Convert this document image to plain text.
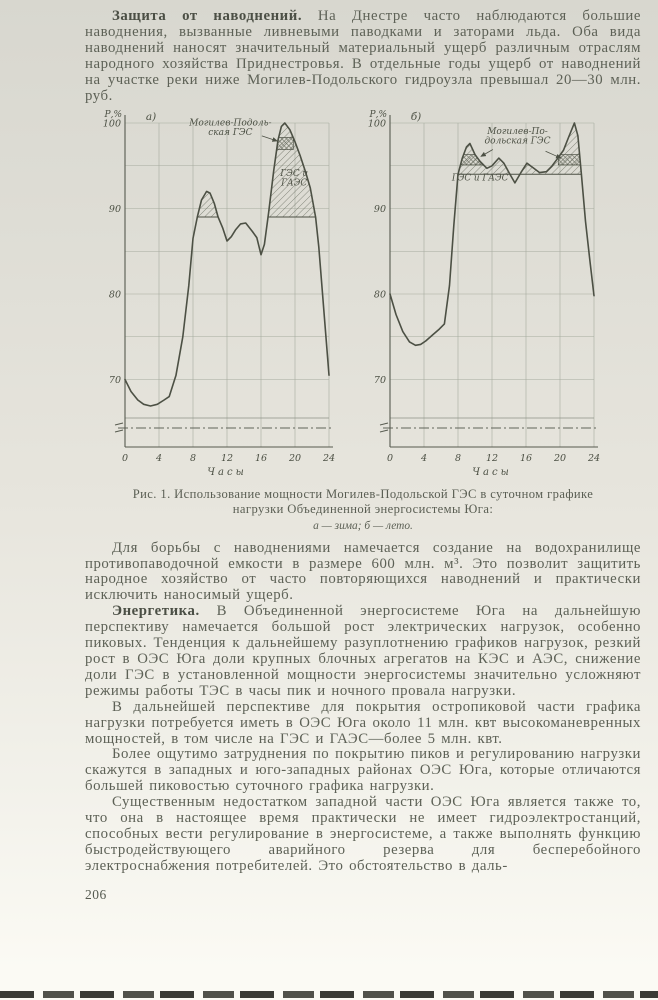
Защита от наводнений. На Днестре часто наблюдаются большие наводнения, вызванные ливневыми паводками и заторами льда. Оба вида наводнений наносят значительный материальный ущерб различным отраслям народного хозяйства Приднестровья. В отдельные годы ущерб от наводнений на участке реки ниже Могилев-Подольского гидроузла превышал 20—30 млн. руб.

Р,%
100
90
80
70
а)
0	4	8	12 16 20 24
Часы
Могилев-Подоль-
ская ГЭС
ГЭС и
ГАЭС
Р,%
100
90
80
70
б)
0	4	8	12 16 20 24
Часы
Могилев-По-
дольская ГЭС
ГЭС и ГАЭС
Рис. 1. Использование мощности Могилев-Подольской ГЭС в суточном графике нагрузки Объединенной энергосистемы Юга:
а — зима; б — лето.

Для борьбы с наводнениями намечается создание на водохранилище противопаводочной емкости в размере 600 млн. м³. Это позволит защитить народное хозяйство от часто повторяющихся наводнений и практически исключить наносимый ущерб.

Энергетика. В Объединенной энергосистеме Юга на дальнейшую перспективу намечается большой рост электрических нагрузок, особенно пиковых. Тенденция к дальнейшему разуплотнению графиков нагрузок, резкий рост в ОЭС Юга доли крупных блочных агрегатов на КЭС и АЭС, снижение доли ГЭС в установленной мощности энергосистемы значительно усложняют режимы работы ТЭС в часы пик и ночного провала нагрузки.

В дальнейшей перспективе для покрытия остропиковой части графика нагрузки потребуется иметь в ОЭС Юга около 11 млн. квт высокоманевренных мощностей, в том числе на ГЭС и ГАЭС—более 5 млн. квт.

Более ощутимо затруднения по покрытию пиков и регулированию нагрузки скажутся в западных и юго-западных районах ОЭС Юга, которые отличаются большей пиковостью суточного графика нагрузки.

Существенным недостатком западной части ОЭС Юга является также то, что она в настоящее время практически не имеет гидроэлектростанций, способных вести регулирование в энергосистеме, а также выполнять функцию быстродействующего аварийного резерва для бесперебойного электроснабжения потребителей. Это обстоятельство в даль-

206
